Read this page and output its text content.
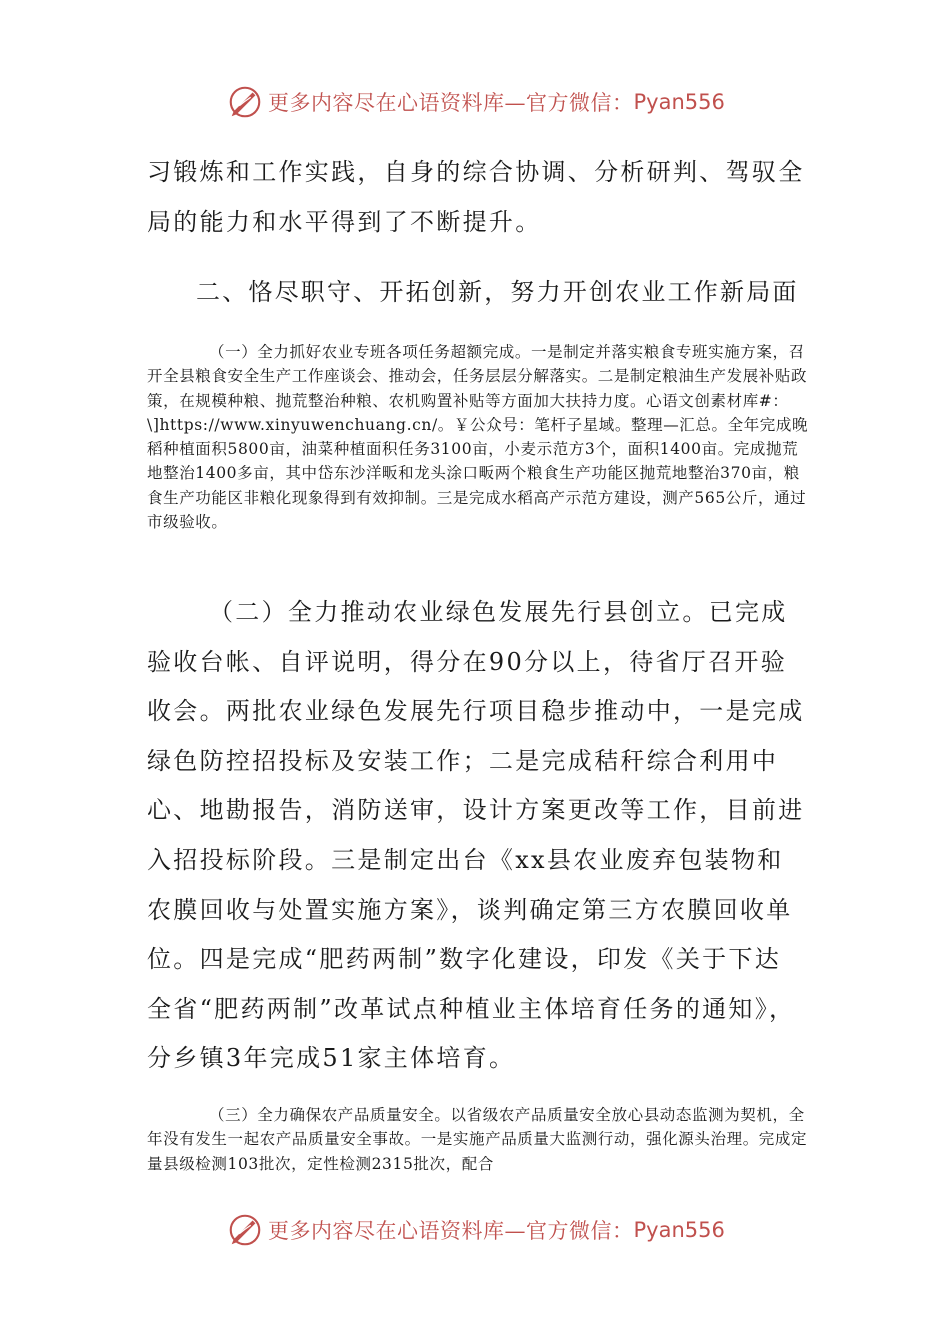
更多内容尽在心语资料库—官方微信： Pyan556

习锻炼和工作实践，自身的综合协调、分析研判、驾驭全局的能力和水平得到了不断提升。

二、恪尽职守、开拓创新，努力开创农业工作新局面

（一）全力抓好农业专班各项任务超额完成。一是制定并落实粮食专班实施方案，召开全县粮食安全生产工作座谈会、推动会，任务层层分解落实。二是制定粮油生产发展补贴政策，在规模种粮、抛荒整治种粮、农机购置补贴等方面加大扶持力度。心语文创素材库#：\]https://www.xinyuwenchuang.cn/。￥公众号：笔杆子星域。整理—汇总。全年完成晚稻种植面积5800亩，油菜种植面积任务3100亩，小麦示范方3个，面积1400亩。完成抛荒地整治1400多亩，其中岱东沙洋畈和龙头涂口畈两个粮食生产功能区抛荒地整治370亩，粮食生产功能区非粮化现象得到有效抑制。三是完成水稻高产示范方建设，测产565公斤，通过市级验收。

（二）全力推动农业绿色发展先行县创立。已完成验收台帐、自评说明，得分在90分以上，待省厅召开验收会。两批农业绿色发展先行项目稳步推动中，一是完成绿色防控招投标及安装工作；二是完成秸秆综合利用中心、地勘报告，消防送审，设计方案更改等工作，目前进入招投标阶段。三是制定出台《xx县农业废弃包装物和农膜回收与处置实施方案》，谈判确定第三方农膜回收单位。四是完成“肥药两制”数字化建设，印发《关于下达全省“肥药两制”改革试点种植业主体培育任务的通知》，分乡镇3年完成51家主体培育。

（三）全力确保农产品质量安全。以省级农产品质量安全放心县动态监测为契机，全年没有发生一起农产品质量安全事故。一是实施产品质量大监测行动，强化源头治理。完成定量县级检测103批次，定性检测2315批次，配合

更多内容尽在心语资料库—官方微信： Pyan556
